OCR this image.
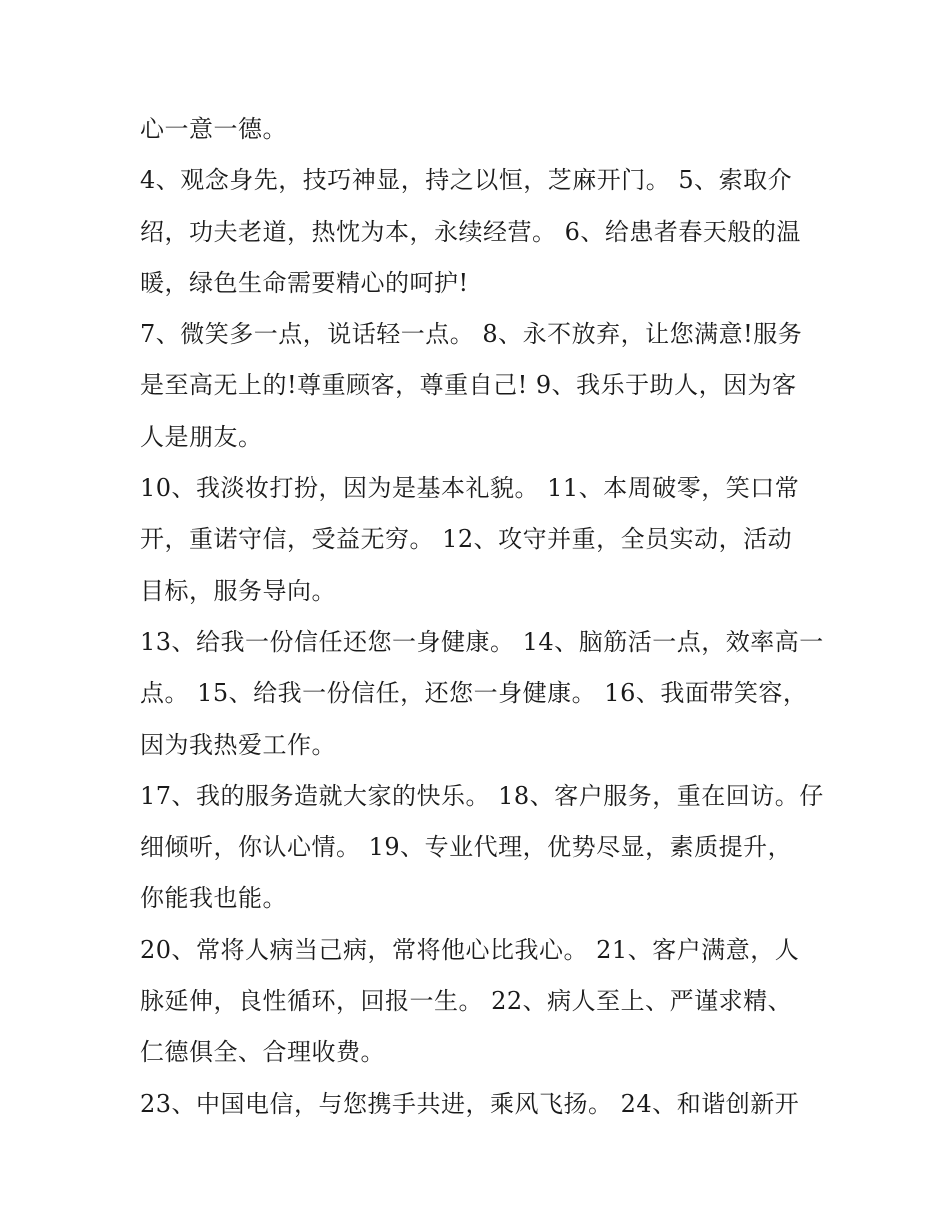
心一意一德。
4、观念身先，技巧神显，持之以恒，芝麻开门。 5、索取介
绍，功夫老道，热忱为本，永续经营。 6、给患者春天般的温
暖，绿色生命需要精心的呵护!
7、微笑多一点，说话轻一点。 8、永不放弃，让您满意!服务
是至高无上的!尊重顾客，尊重自己! 9、我乐于助人，因为客
人是朋友。
10、我淡妆打扮，因为是基本礼貌。 11、本周破零，笑口常
开，重诺守信，受益无穷。 12、攻守并重，全员实动，活动
目标，服务导向。
13、给我一份信任还您一身健康。 14、脑筋活一点，效率高一
点。 15、给我一份信任，还您一身健康。 16、我面带笑容，
因为我热爱工作。
17、我的服务造就大家的快乐。 18、客户服务，重在回访。仔
细倾听，你认心情。 19、专业代理，优势尽显，素质提升，
你能我也能。
20、常将人病当己病，常将他心比我心。 21、客户满意，人
脉延伸，良性循环，回报一生。 22、病人至上、严谨求精、
仁德俱全、合理收费。
23、中国电信，与您携手共进，乘风飞扬。 24、和谐创新开
